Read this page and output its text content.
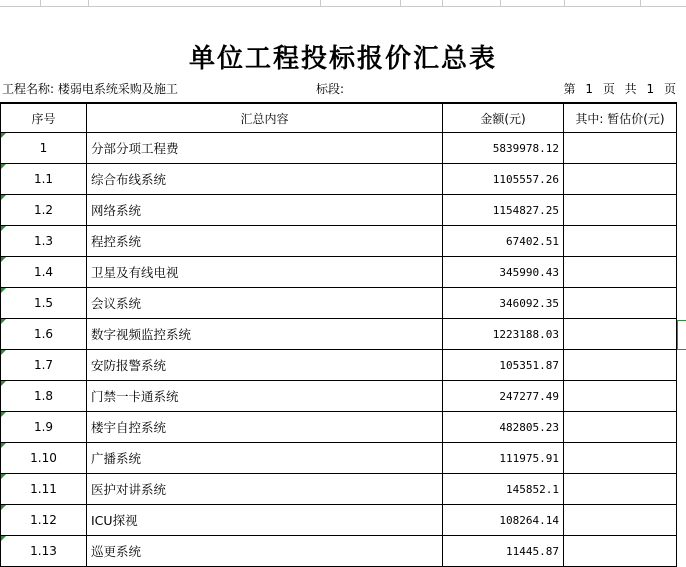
单位工程投标报价汇总表
工程名称: 楼弱电系统采购及施工	标段:	第 1 页 共 1 页
序号	汇总内容	金额(元)	其中: 暂估价(元)
1	分部分项工程费	5839978.12	
1.1	综合布线系统	1105557.26	
1.2	网络系统	1154827.25	
1.3	程控系统	67402.51	
1.4	卫星及有线电视	345990.43	
1.5	会议系统	346092.35	
1.6	数字视频监控系统	1223188.03	
1.7	安防报警系统	105351.87	
1.8	门禁一卡通系统	247277.49	
1.9	楼宇自控系统	482805.23	
1.10	广播系统	111975.91	
1.11	医护对讲系统	145852.1	
1.12	ICU探视	108264.14	
1.13	巡更系统	11445.87	
